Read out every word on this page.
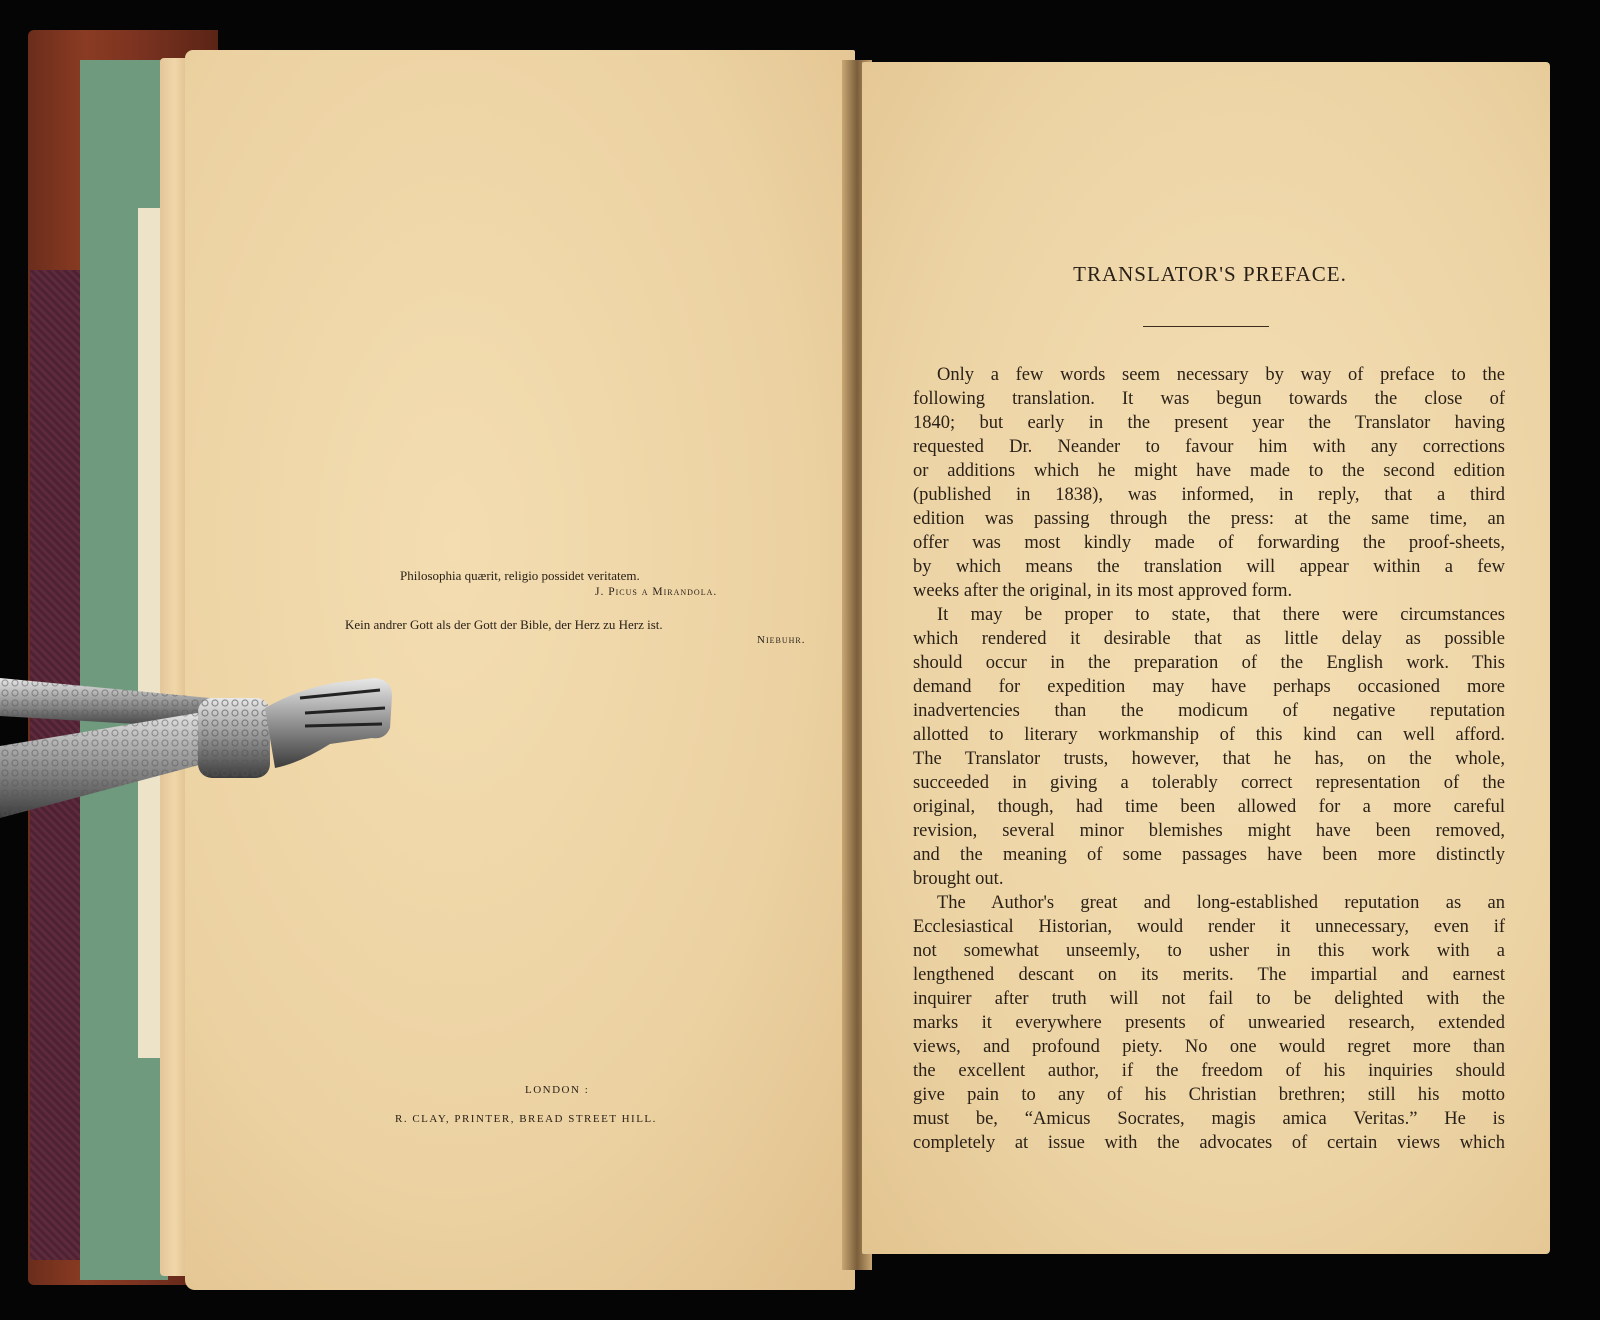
Philosophia quærit, religio possidet veritatem.
J. Picus a Mirandola.
Kein andrer Gott als der Gott der Bible, der Herz zu Herz ist.
Niebuhr.
LONDON :
R. CLAY, PRINTER, BREAD STREET HILL.
TRANSLATOR'S PREFACE.
Only a few words seem necessary by way of preface to the
following translation. It was begun towards the close of
1840; but early in the present year the Translator having
requested Dr. Neander to favour him with any corrections
or additions which he might have made to the second edition
(published in 1838), was informed, in reply, that a third
edition was passing through the press: at the same time, an
offer was most kindly made of forwarding the proof-sheets,
by which means the translation will appear within a few
weeks after the original, in its most approved form.
It may be proper to state, that there were circumstances
which rendered it desirable that as little delay as possible
should occur in the preparation of the English work. This
demand for expedition may have perhaps occasioned more
inadvertencies than the modicum of negative reputation
allotted to literary workmanship of this kind can well afford.
The Translator trusts, however, that he has, on the whole,
succeeded in giving a tolerably correct representation of the
original, though, had time been allowed for a more careful
revision, several minor blemishes might have been removed,
and the meaning of some passages have been more distinctly
brought out.
The Author's great and long-established reputation as an
Ecclesiastical Historian, would render it unnecessary, even if
not somewhat unseemly, to usher in this work with a
lengthened descant on its merits. The impartial and earnest
inquirer after truth will not fail to be delighted with the
marks it everywhere presents of unwearied research, extended
views, and profound piety. No one would regret more than
the excellent author, if the freedom of his inquiries should
give pain to any of his Christian brethren; still his motto
must be, “Amicus Socrates, magis amica Veritas.” He is
completely at issue with the advocates of certain views which
